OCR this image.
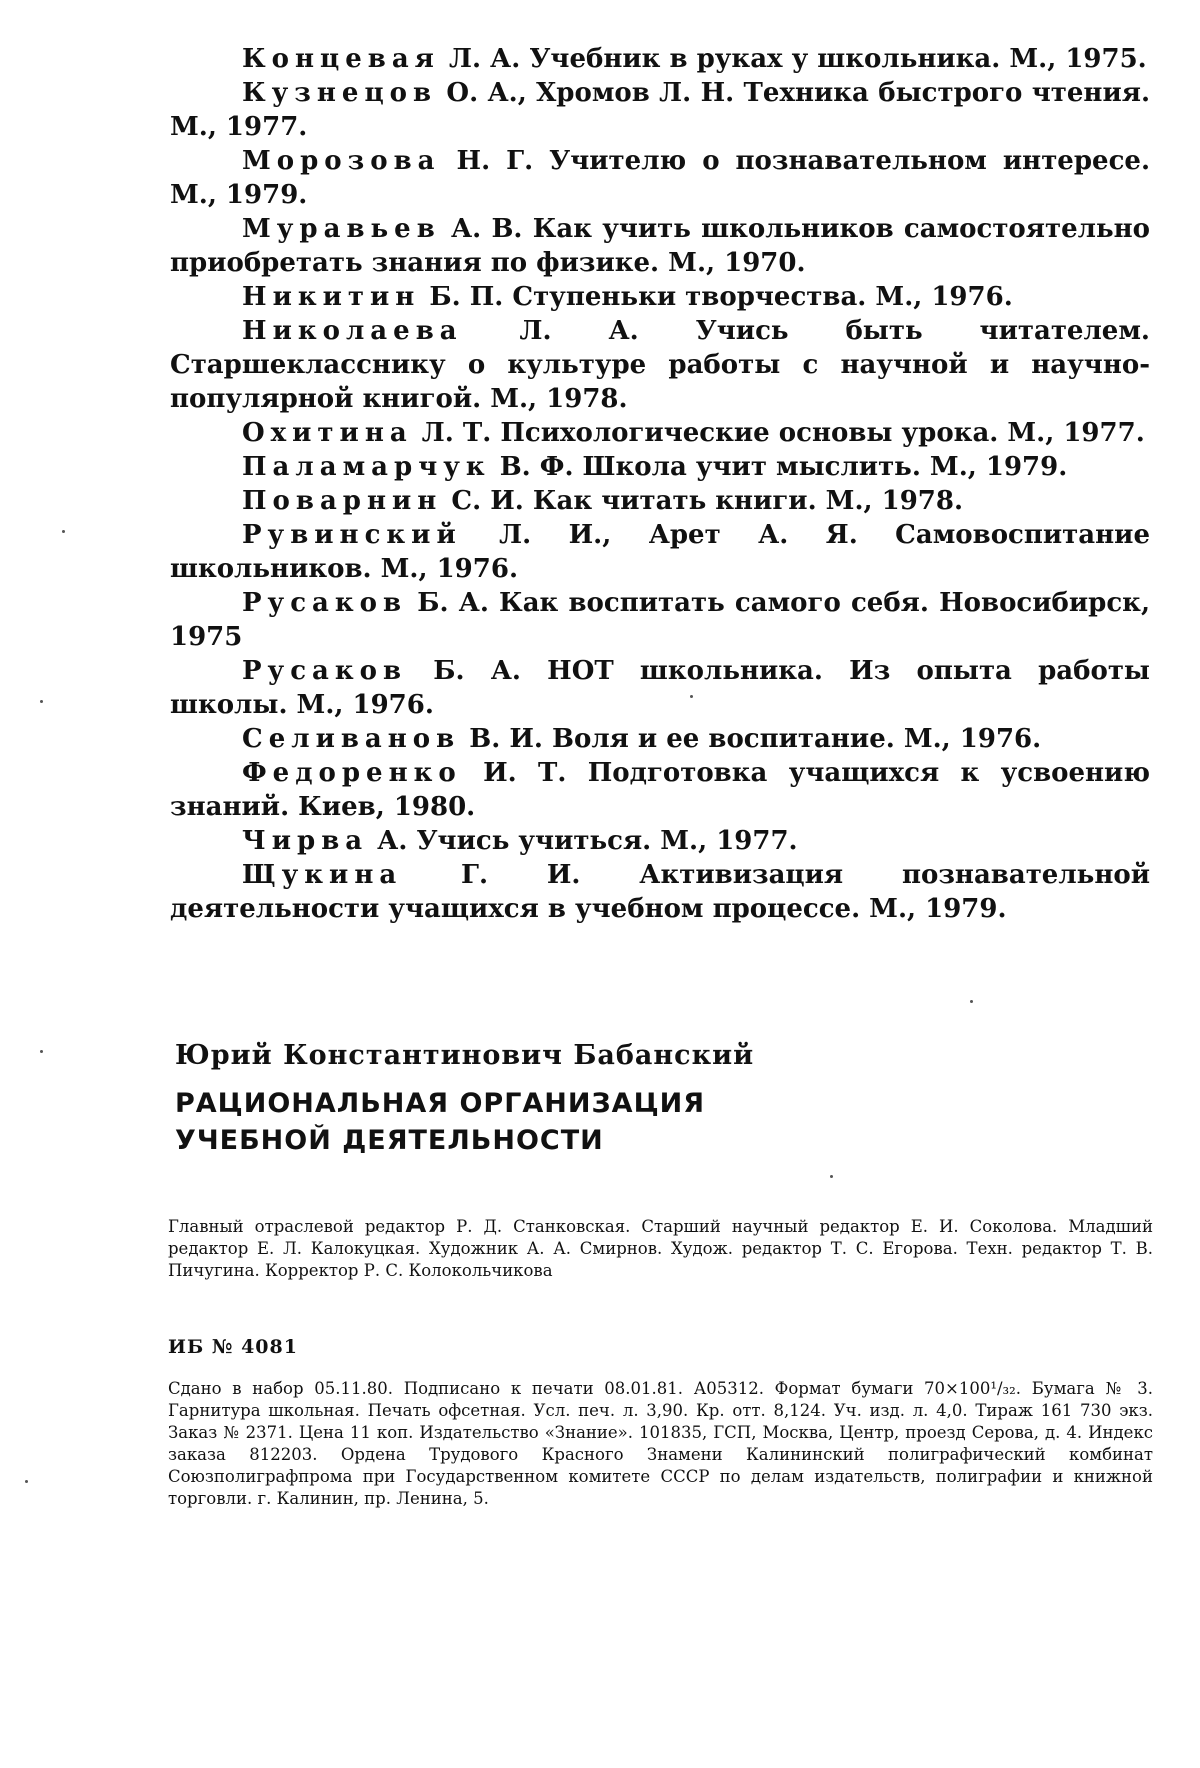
Концевая Л. А. Учебник в руках у школьника. М., 1975.

Кузнецов О. А., Хромов Л. Н. Техника быстрого чтения. М., 1977.

Морозова Н. Г. Учителю о познавательном интересе. М., 1979.

Муравьев А. В. Как учить школьников самостоятельно приобретать знания по физике. М., 1970.

Никитин Б. П. Ступеньки творчества. М., 1976.

Николаева Л. А. Учись быть читателем. Старшекласснику о культуре работы с научной и научно-популярной книгой. М., 1978.

Охитина Л. Т. Психологические основы урока. М., 1977.

Паламарчук В. Ф. Школа учит мыслить. М., 1979.

Поварнин С. И. Как читать книги. М., 1978.

Рувинский Л. И., Арет А. Я. Самовоспитание школьников. М., 1976.

Русаков Б. А. Как воспитать самого себя. Новосибирск, 1975

Русаков Б. А. НОТ школьника. Из опыта работы школы. М., 1976.

Селиванов В. И. Воля и ее воспитание. М., 1976.

Федоренко И. Т. Подготовка учащихся к усвоению знаний. Киев, 1980.

Чирва А. Учись учиться. М., 1977.

Щукина Г. И. Активизация познавательной деятельности учащихся в учебном процессе. М., 1979.

Юрий Константинович Бабанский
РАЦИОНАЛЬНАЯ ОРГАНИЗАЦИЯ
УЧЕБНОЙ ДЕЯТЕЛЬНОСТИ
Главный отраслевой редактор Р. Д. Станковская. Старший научный редактор Е. И. Соколова. Младший редактор Е. Л. Калокуцкая. Художник А. А. Смирнов. Худож. редактор Т. С. Егорова. Техн. редактор Т. В. Пичугина. Корректор Р. С. Колокольчикова
ИБ № 4081
Сдано в набор 05.11.80. Подписано к печати 08.01.81. А05312. Формат бумаги 70×100¹/₃₂. Бумага № 3. Гарнитура школьная. Печать офсетная. Усл. печ. л. 3,90. Кр. отт. 8,124. Уч. изд. л. 4,0. Тираж 161 730 экз. Заказ № 2371. Цена 11 коп. Издательство «Знание». 101835, ГСП, Москва, Центр, проезд Серова, д. 4. Индекс заказа 812203. Ордена Трудового Красного Знамени Калининский полиграфический комбинат Союзполиграфпрома при Государственном комитете СССР по делам издательств, полиграфии и книжной торговли. г. Калинин, пр. Ленина, 5.
